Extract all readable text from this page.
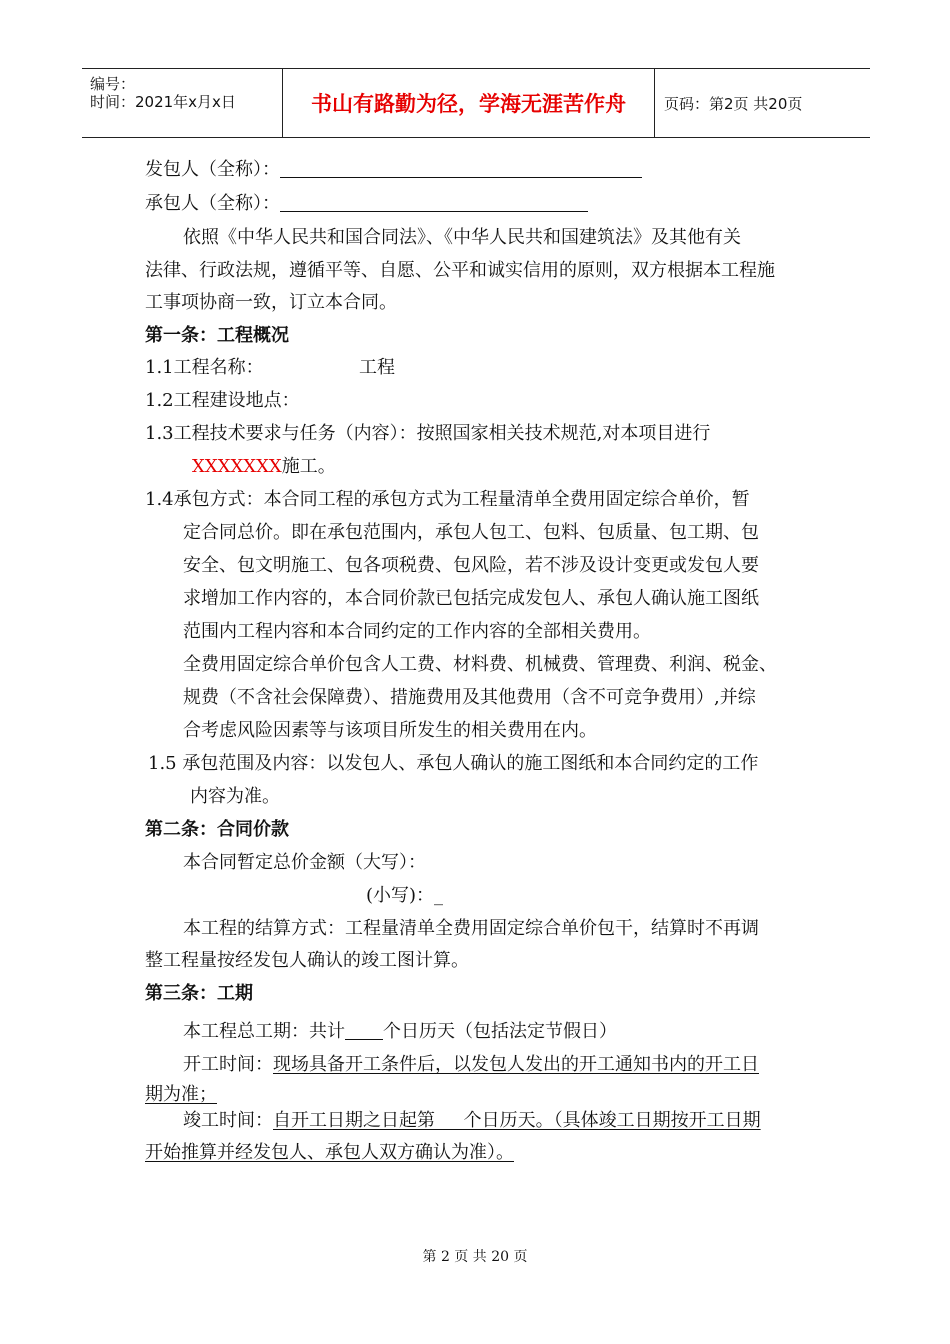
编号：
时间：2021年x月x日	书山有路勤为径，学海无涯苦作舟	页码：第2页 共20页
发包人（全称）：
承包人（全称）：
依照《中华人民共和国合同法》、《中华人民共和国建筑法》及其他有关
法律、行政法规，遵循平等、自愿、公平和诚实信用的原则，双方根据本工程施
工事项协商一致，订立本合同。
第一条：工程概况
1.1工程名称：	工程
1.2工程建设地点：
1.3工程技术要求与任务（内容）：按照国家相关技术规范,对本项目进行
XXXXXXX施工。
1.4承包方式：本合同工程的承包方式为工程量清单全费用固定综合单价，暂
定合同总价。即在承包范围内，承包人包工、包料、包质量、包工期、包
安全、包文明施工、包各项税费、包风险，若不涉及设计变更或发包人要
求增加工作内容的，本合同价款已包括完成发包人、承包人确认施工图纸
范围内工程内容和本合同约定的工作内容的全部相关费用。
全费用固定综合单价包含人工费、材料费、机械费、管理费、利润、税金、
规费（不含社会保障费）、措施费用及其他费用（含不可竞争费用）,并综
合考虑风险因素等与该项目所发生的相关费用在内。
1.5 承包范围及内容：以发包人、承包人确认的施工图纸和本合同约定的工作
内容为准。
第二条：合同价款
本合同暂定总价金额（大写）：
(小写)：_
本工程的结算方式：工程量清单全费用固定综合单价包干，结算时不再调
整工程量按经发包人确认的竣工图计算。
第三条：工期
本工程总工期：共计 个日历天（包括法定节假日）
开工时间：现场具备开工条件后，以发包人发出的开工通知书内的开工日
期为准；
竣工时间：自开工日期之日起第     个日历天。（具体竣工日期按开工日期
开始推算并经发包人、承包人双方确认为准）。
第 2 页 共 20 页
